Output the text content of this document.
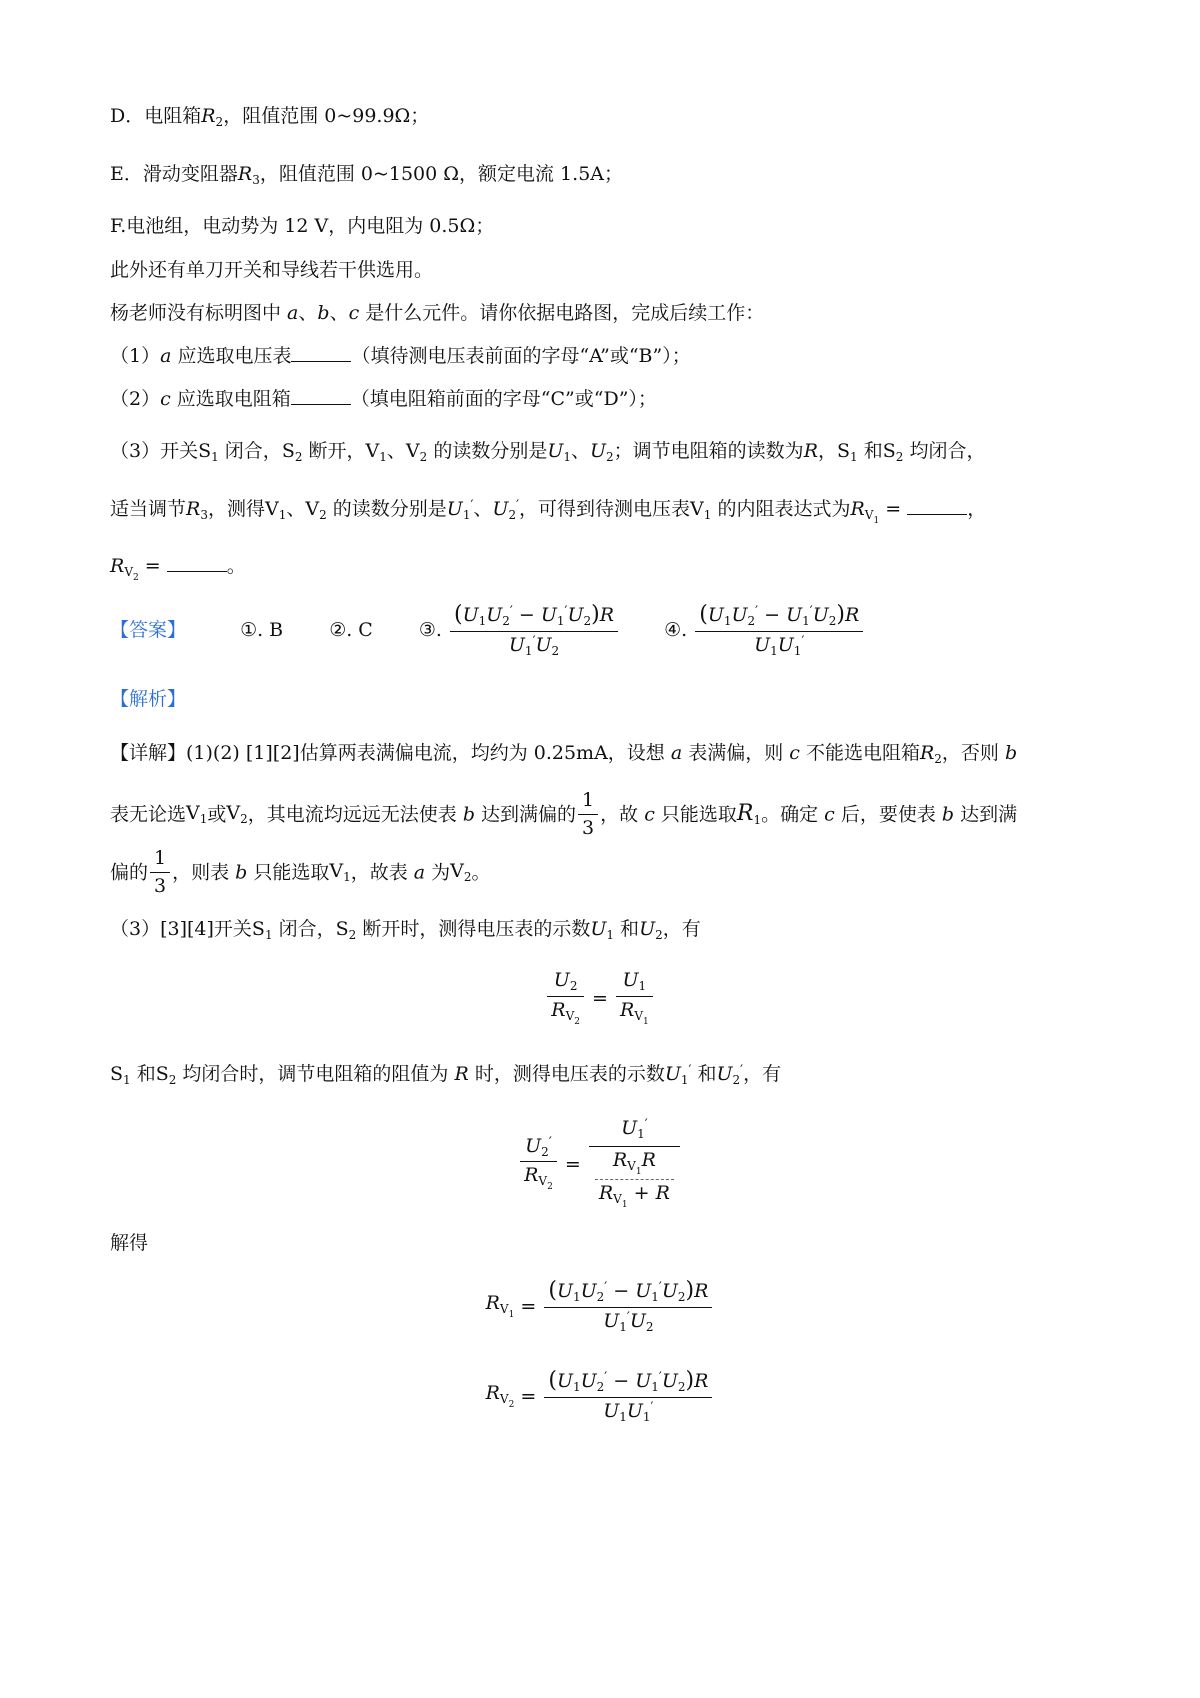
D．电阻箱$R_2$，阻值范围 0~99.9Ω；
E．滑动变阻器$R_3$，阻值范围 0~1500 Ω，额定电流 1.5A；
F.电池组，电动势为 12 V，内电阻为 0.5Ω；
此外还有单刀开关和导线若干供选用。
杨老师没有标明图中 a、b、c 是什么元件。请你依据电路图，完成后续工作：
（1）a 应选取电压表	（填待测电压表前面的字母“A”或“B”）；
（2）c 应选取电阻箱	（填电阻箱前面的字母“C”或“D”）；
（3）开关$S_1$ 闭合，$S_2$ 断开，$V_1$、$V_2$ 的读数分别是$U_1$、$U_2$；调节电阻箱的读数为R，$S_1$ 和$S_2$ 均闭合，
适当调节$R_3$，测得$V_1$、$V_2$ 的读数分别是$U_1'$、$U_2'$，可得到待测电压表$V_1$ 的内阻表达式为$R_{V_1}$ =	，
$R_{V_2}$ =	。
【答案】	①. B ②. C ③. $\frac{(U_1U_2' - U_1'U_2)R}{U_1'U_2}$ ④. $\frac{(U_1U_2' - U_1'U_2)R}{U_1U_1'}$
【解析】
【详解】(1)(2) [1][2]估算两表满偏电流，均约为 0.25mA，设想 a 表满偏，则 c 不能选电阻箱$R_2$，否则 b
表无论选$V_1$或$V_2$，其电流均远远无法使表 b 达到满偏的 $\frac{1}{3}$ ，故 c 只能选取$R_1$。确定 c 后，要使表 b 达到满
偏的 $\frac{1}{3}$ ，则表 b 只能选取$V_1$，故表 a 为$V_2$。
（3）[3][4]开关$S_1$ 闭合，$S_2$ 断开时，测得电压表的示数$U_1$ 和$U_2$，有
$\frac{U_2}{R_{V_2}} = \frac{U_1}{R_{V_1}}$
$S_1$ 和$S_2$ 均闭合时，调节电阻箱的阻值为 R 时，测得电压表的示数$U_1'$ 和$U_2'$，有
$\frac{U_2'}{R_{V_2}} = \frac{U_1'}{\frac{R_{V_1}R}{R_{V_1} + R}}$
解得
$R_{V_1} = \frac{(U_1U_2' - U_1'U_2)R}{U_1'U_2}$
$R_{V_2} = \frac{(U_1U_2' - U_1'U_2)R}{U_1U_1'}$
